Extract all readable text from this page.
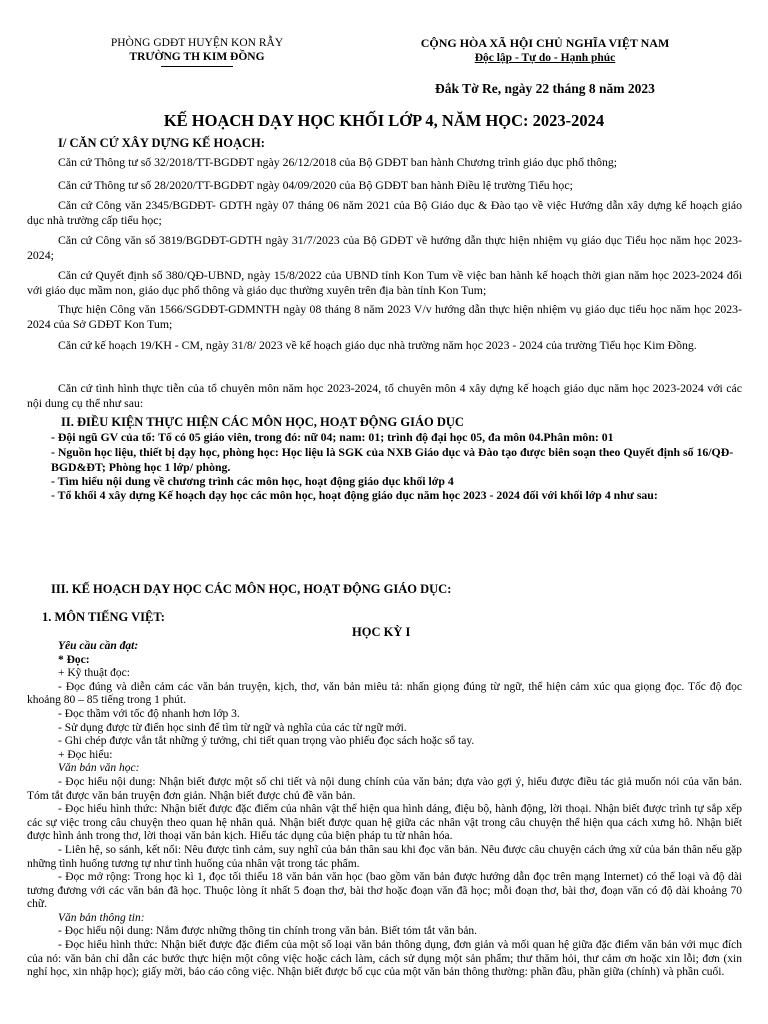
PHÒNG GDĐT HUYỆN KON RẪY
TRƯỜNG TH KIM ĐỒNG
CỘNG HÒA XÃ HỘI CHỦ NGHĨA VIỆT NAM
Độc lập - Tự do - Hạnh phúc
Đắk Tờ Re, ngày 22 tháng 8 năm 2023
KẾ HOẠCH DẠY HỌC KHỐI LỚP 4, NĂM HỌC: 2023-2024
I/ CĂN CỨ XÂY DỰNG KẾ HOẠCH:
Căn cứ Thông tư số 32/2018/TT-BGDĐT ngày 26/12/2018 của Bộ GDĐT ban hành Chương trình giáo dục phổ thông;
Căn cứ Thông tư số 28/2020/TT-BGDĐT ngày 04/09/2020 của Bộ GDĐT ban hành Điều lệ trường Tiểu học;
Căn cứ Công văn 2345/BGDĐT- GDTH ngày 07 tháng 06 năm 2021 của Bộ Giáo dục & Đào tạo về việc Hướng dẫn xây dựng kế hoạch giáo dục nhà trường cấp tiểu học;
Căn cứ Công văn số 3819/BGDĐT-GDTH ngày 31/7/2023 của Bộ GDĐT về hướng dẫn thực hiện nhiệm vụ giáo dục Tiểu học năm học 2023-2024;
Căn cứ Quyết định số 380/QĐ-UBND, ngày 15/8/2022 của UBND tỉnh Kon Tum về việc ban hành kế hoạch thời gian năm học 2023-2024 đối với giáo dục mầm non, giáo dục phổ thông và giáo dục thường xuyên trên địa bàn tỉnh Kon Tum;
Thực hiện Công văn 1566/SGDĐT-GDMNTH ngày 08 tháng 8 năm 2023 V/v hướng dẫn thực hiện nhiệm vụ giáo dục tiểu học năm học 2023-2024 của Sở GDĐT Kon Tum;
Căn cứ kế hoạch 19/KH - CM, ngày 31/8/ 2023 về kế hoạch giáo dục nhà trường năm học 2023 - 2024 của trường Tiểu học Kim Đồng.
Căn cứ tình hình thực tiễn của tổ chuyên môn năm học 2023-2024, tổ chuyên môn 4 xây dựng kế hoạch giáo dục năm học 2023-2024 với các nội dung cụ thể như sau:
II. ĐIỀU KIỆN THỰC HIỆN CÁC MÔN HỌC, HOẠT ĐỘNG GIÁO DỤC
- Đội ngũ GV của tổ: Tổ có 05 giáo viên, trong đó: nữ 04; nam: 01; trình độ đại học 05, đa môn 04.Phân môn: 01
- Nguồn học liệu, thiết bị dạy học, phòng học: Học liệu là SGK của NXB Giáo dục và Đào tạo được biên soạn theo Quyết định số 16/QĐ-BGD&ĐT; Phòng học 1 lớp/ phòng.
- Tìm hiểu nội dung về chương trình các môn học, hoạt động giáo dục khối lớp 4
- Tổ khối 4 xây dựng Kế hoạch dạy học các môn học, hoạt động giáo dục năm học 2023 - 2024 đối với khối lớp 4 như sau:
III. KẾ HOẠCH DẠY HỌC CÁC MÔN HỌC, HOẠT ĐỘNG GIÁO DỤC:
1. MÔN TIẾNG VIỆT:
HỌC KỲ I
Yêu cầu cần đạt:
* Đọc:
+ Kỹ thuật đọc:
- Đọc đúng và diễn cảm các văn bản truyện, kịch, thơ, văn bản miêu tả: nhấn giọng đúng từ ngữ, thể hiện cảm xúc qua giọng đọc. Tốc độ đọc khoảng 80 – 85 tiếng trong 1 phút.
- Đọc thầm với tốc độ nhanh hơn lớp 3.
- Sử dụng được từ điển học sinh để tìm từ ngữ và nghĩa của các từ ngữ mới.
- Ghi chép được vắn tắt những ý tưởng, chi tiết quan trọng vào phiếu đọc sách hoặc sổ tay.
+ Đọc hiểu:
Văn bản văn học:
- Đọc hiểu nội dung: Nhận biết được một số chi tiết và nội dung chính của văn bản; dựa vào gợi ý, hiểu được điều tác giả muốn nói của văn bản. Tóm tắt được văn bản truyện đơn giản. Nhận biết được chủ đề văn bản.
- Đọc hiểu hình thức: Nhận biết được đặc điểm của nhân vật thể hiện qua hình dáng, điệu bộ, hành động, lời thoại. Nhận biết được trình tự sắp xếp các sự việc trong câu chuyện theo quan hệ nhân quả. Nhận biết được quan hệ giữa các nhân vật trong câu chuyện thể hiện qua cách xưng hô. Nhận biết được hình ảnh trong thơ, lời thoại văn bản kịch. Hiểu tác dụng của biện pháp tu từ nhân hóa.
- Liên hệ, so sánh, kết nối: Nêu được tình cảm, suy nghĩ của bản thân sau khi đọc văn bản. Nêu được câu chuyện cách ứng xử của bản thân nếu gặp những tình huống tương tự như tình huống của nhân vật trong tác phẩm.
- Đọc mở rộng: Trong học kì 1, đọc tối thiểu 18 văn bản văn học (bao gồm văn bản được hướng dẫn đọc trên mạng Internet) có thể loại và độ dài tương đương với các văn bản đã học. Thuộc lòng ít nhất 5 đoạn thơ, bài thơ hoặc đoạn văn đã học; mỗi đoạn thơ, bài thơ, đoạn văn có độ dài khoảng 70 chữ.
Văn bản thông tin:
- Đọc hiểu nội dung: Nắm được những thông tin chính trong văn bản. Biết tóm tắt văn bản.
- Đọc hiểu hình thức: Nhận biết được đặc điểm của một số loại văn bản thông dụng, đơn giản và mối quan hệ giữa đặc điểm văn bản với mục đích của nó: văn bản chỉ dẫn các bước thực hiện một công việc hoặc cách làm, cách sử dụng một sản phẩm; thư thăm hỏi, thư cảm ơn hoặc xin lỗi; đơn (xin nghỉ học, xin nhập học); giấy mời, báo cáo công việc. Nhận biết được bố cục của một văn bản thông thường: phần đầu, phần giữa (chính) và phần cuối.
